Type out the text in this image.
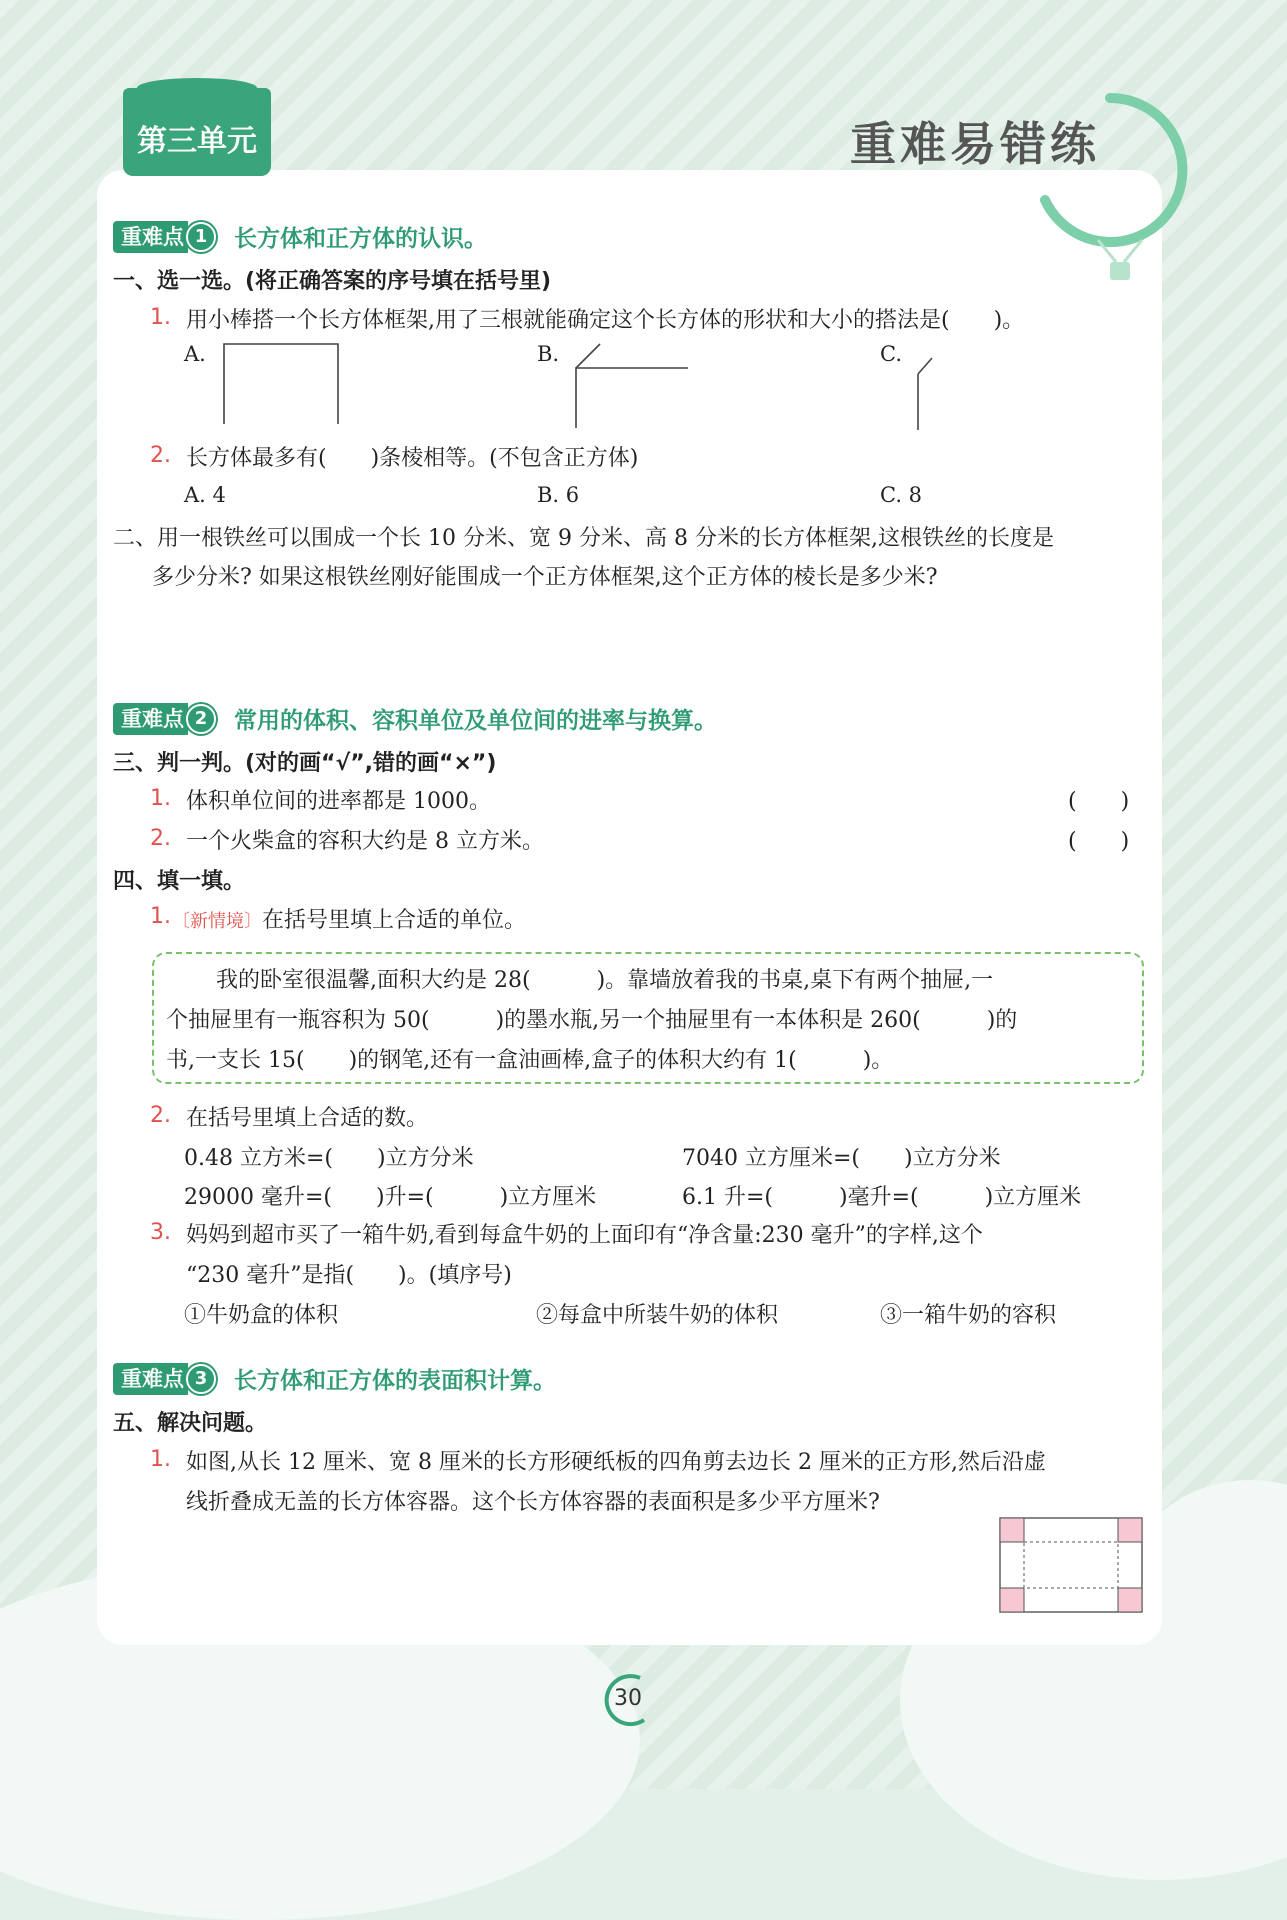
第三单元	重难易错练
重难点 1	长方体和正方体的认识。
一、选一选。(将正确答案的序号填在括号里)
1. 用小棒搭一个长方体框架,用了三根就能确定这个长方体的形状和大小的搭法是(　　)。
A.	B.	C.
2. 长方体最多有(　　)条棱相等。(不包含正方体)
A. 4	B. 6	C. 8
二、用一根铁丝可以围成一个长 10 分米、宽 9 分米、高 8 分米的长方体框架,这根铁丝的长度是
多少分米? 如果这根铁丝刚好能围成一个正方体框架,这个正方体的棱长是多少米?
重难点 2	常用的体积、容积单位及单位间的进率与换算。
三、判一判。(对的画“√”,错的画“×”)
1. 体积单位间的进率都是 1000。	(　　)
2. 一个火柴盒的容积大约是 8 立方米。	(　　)
四、填一填。
1. 〔新情境〕在括号里填上合适的单位。
我的卧室很温馨,面积大约是 28(　　　)。靠墙放着我的书桌,桌下有两个抽屉,一
个抽屉里有一瓶容积为 50(　　　)的墨水瓶,另一个抽屉里有一本体积是 260(　　　)的
书,一支长 15(　　)的钢笔,还有一盒油画棒,盒子的体积大约有 1(　　　)。
2. 在括号里填上合适的数。
0.48 立方米=(　　)立方分米	7040 立方厘米=(　　)立方分米
29000 毫升=(　　)升=(　　　)立方厘米	6.1 升=(　　　)毫升=(　　　)立方厘米
3. 妈妈到超市买了一箱牛奶,看到每盒牛奶的上面印有“净含量:230 毫升”的字样,这个
“230 毫升”是指(　　)。(填序号)
①牛奶盒的体积	②每盒中所装牛奶的体积	③一箱牛奶的容积
重难点 3	长方体和正方体的表面积计算。
五、解决问题。
1. 如图,从长 12 厘米、宽 8 厘米的长方形硬纸板的四角剪去边长 2 厘米的正方形,然后沿虚
线折叠成无盖的长方体容器。这个长方体容器的表面积是多少平方厘米?
30
